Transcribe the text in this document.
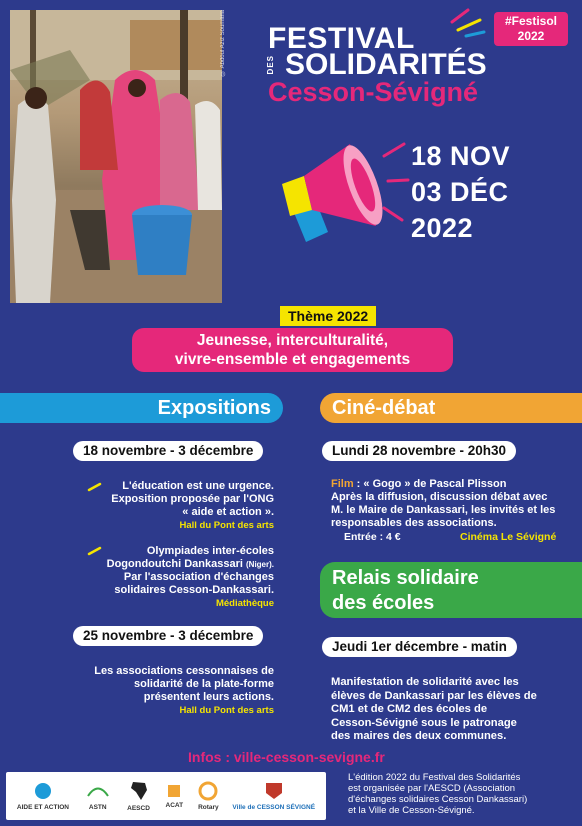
© Abdoul Aziz Soumaïla	#Festisol
2022
FESTIVAL
DES SOLIDARITÉS
Cesson-Sévigné
18 NOV
03 DÉC
2022
Thème 2022
Jeunesse, interculturalité,
vivre-ensemble et engagements
Expositions
18 novembre - 3 décembre
L'éducation est une urgence.
Exposition proposée par l'ONG
« aide et action ».
Hall du Pont des arts
Olympiades inter-écoles
Dogondoutchi Dankassari (Niger).
Par l'association d'échanges
solidaires Cesson-Dankassari.
Médiathèque
25 novembre - 3 décembre
Les associations cessonnaises de
solidarité de la plate-forme
présentent leurs actions.
Hall du Pont des arts
Ciné-débat
Lundi 28 novembre - 20h30
Film : « Gogo » de Pascal Plisson
Après la diffusion, discussion débat avec
M. le Maire de Dankassari, les invités et les
responsables des associations.
Entrée : 4 €	Cinéma Le Sévigné
Relais solidaire
des écoles
Jeudi 1er décembre - matin
Manifestation de solidarité avec les
élèves de Dankassari par les élèves de
CM1 et de CM2 des écoles de
Cesson-Sévigné sous le patronage
des maires des deux communes.
Infos : ville-cesson-sevigne.fr
AIDE ET ACTION	ASTN	AESCD ACAT Rotary Ville de CESSON SÉVIGNÉ
L'édition 2022 du Festival des Solidarités
est organisée par l'AESCD (Association
d'échanges solidaires Cesson Dankassari)
et la Ville de Cesson-Sévigné.
